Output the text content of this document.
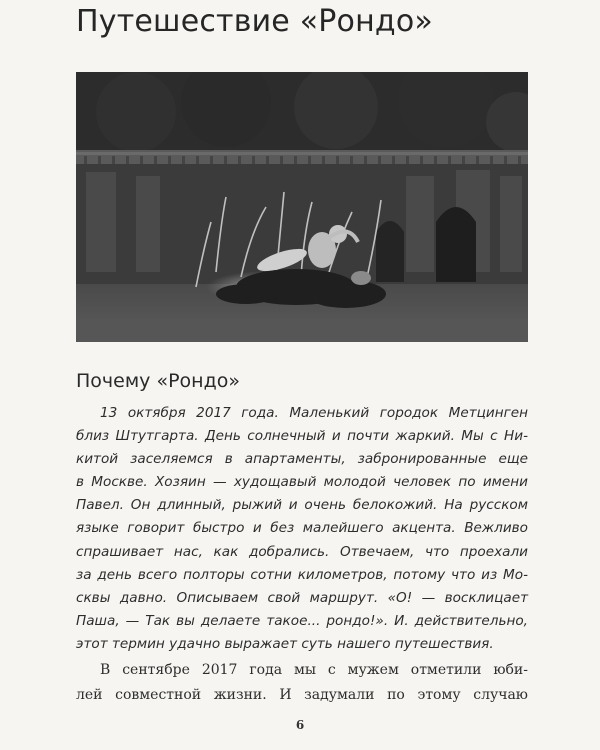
Путешествие «Рондо»
Почему «Рондо»
13 октября 2017 года. Маленький городок Метцинген
близ Штутгарта. День солнечный и почти жаркий. Мы с Ни-
китой заселяемся в апартаменты, забронированные еще
в Москве. Хозяин — худощавый молодой человек по имени
Павел. Он длинный, рыжий и очень белокожий. На русском
языке говорит быстро и без малейшего акцента. Вежливо
спрашивает нас, как добрались. Отвечаем, что проехали
за день всего полторы сотни километров, потому что из Мо-
сквы давно. Описываем свой маршрут. «О! — восклицает
Паша, — Так вы делаете такое... рондо!». И. действительно,
этот термин удачно выражает суть нашего путешествия.
В сентябре 2017 года мы с мужем отметили юби-
лей совместной жизни. И задумали по этому случаю
6
